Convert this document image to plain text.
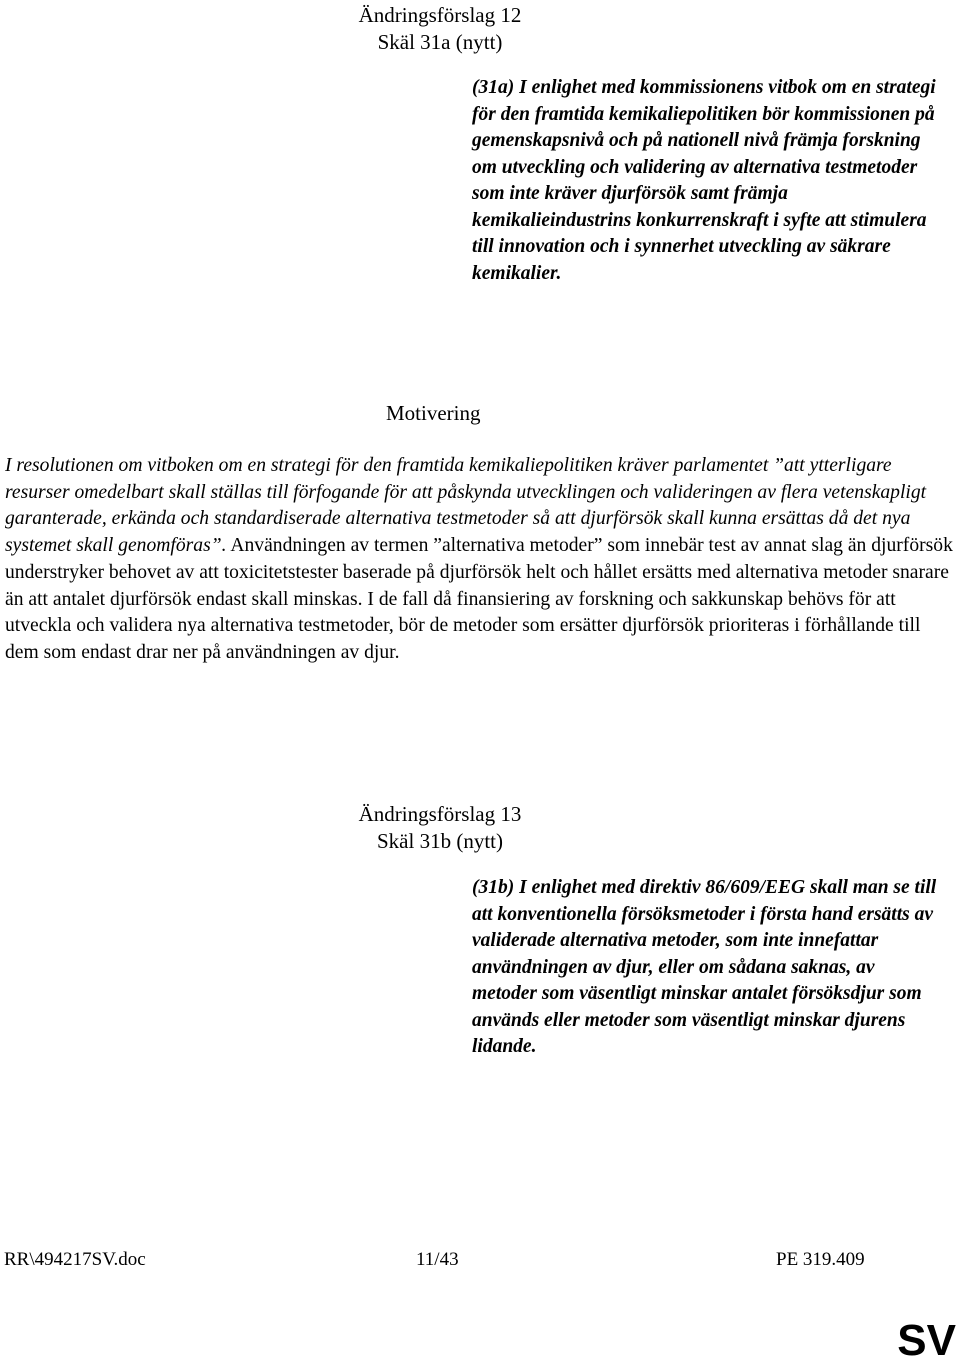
Ändringsförslag 12
Skäl 31a (nytt)
(31a) I enlighet med kommissionens vitbok om en strategi för den framtida kemikaliepolitiken bör kommissionen på gemenskapsnivå och på nationell nivå främja forskning om utveckling och validering av alternativa testmetoder som inte kräver djurförsök samt främja kemikalieindustrins konkurrenskraft i syfte att stimulera till innovation och i synnerhet utveckling av säkrare kemikalier.
Motivering
I resolutionen om vitboken om en strategi för den framtida kemikaliepolitiken kräver parlamentet ”att ytterligare resurser omedelbart skall ställas till förfogande för att påskynda utvecklingen och valideringen av flera vetenskapligt garanterade, erkända och standardiserade alternativa testmetoder så att djurförsök skall kunna ersättas då det nya systemet skall genomföras”. Användningen av termen ”alternativa metoder” som innebär test av annat slag än djurförsök understryker behovet av att toxicitetstester baserade på djurförsök helt och hållet ersätts med alternativa metoder snarare än att antalet djurförsök endast skall minskas. I de fall då finansiering av forskning och sakkunskap behövs för att utveckla och validera nya alternativa testmetoder, bör de metoder som ersätter djurförsök prioriteras i förhållande till dem som endast drar ner på användningen av djur.
Ändringsförslag 13
Skäl 31b (nytt)
(31b) I enlighet med direktiv 86/609/EEG skall man se till att konventionella försöksmetoder i första hand ersätts av validerade alternativa metoder, som inte innefattar användningen av djur, eller om sådana saknas, av metoder som väsentligt minskar antalet försöksdjur som används eller metoder som väsentligt minskar djurens lidande.
RR\494217SV.doc	11/43	PE 319.409
SV
